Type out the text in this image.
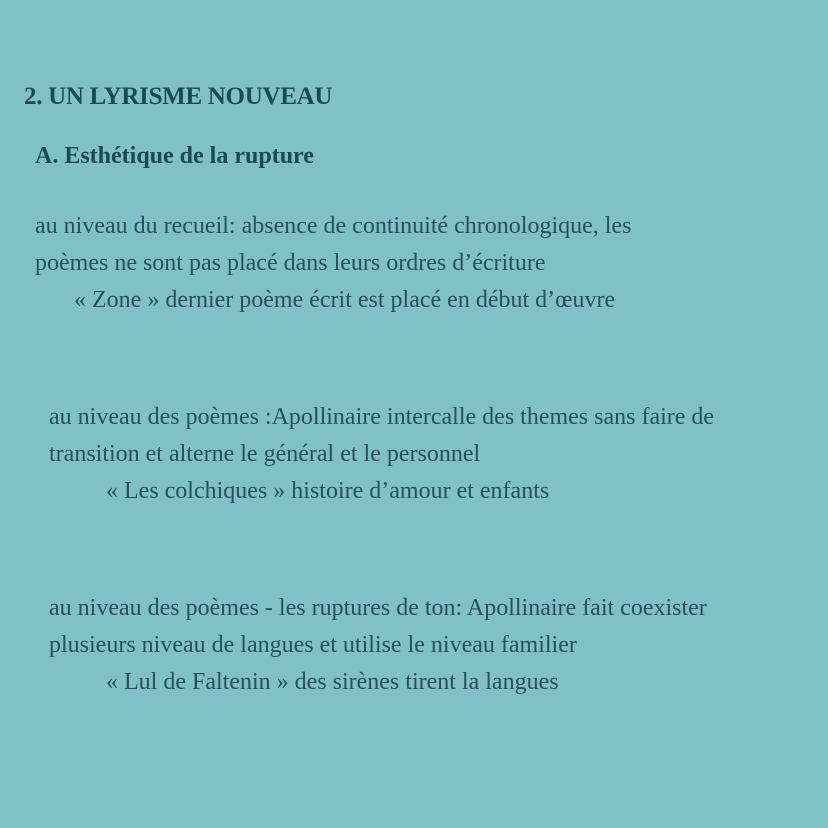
2. UN LYRISME NOUVEAU
A. Esthétique de la rupture
au niveau du recueil: absence de continuité chronologique, les
poèmes ne sont pas placé dans leurs ordres d’écriture
« Zone » dernier poème écrit est placé en début d’œuvre
au niveau des poèmes :Apollinaire intercalle des themes sans faire de
transition et alterne le général et le personnel
« Les colchiques » histoire d’amour et enfants
au niveau des poèmes - les ruptures de ton: Apollinaire fait coexister
plusieurs niveau de langues et utilise le niveau familier
« Lul de Faltenin » des sirènes tirent la langues
